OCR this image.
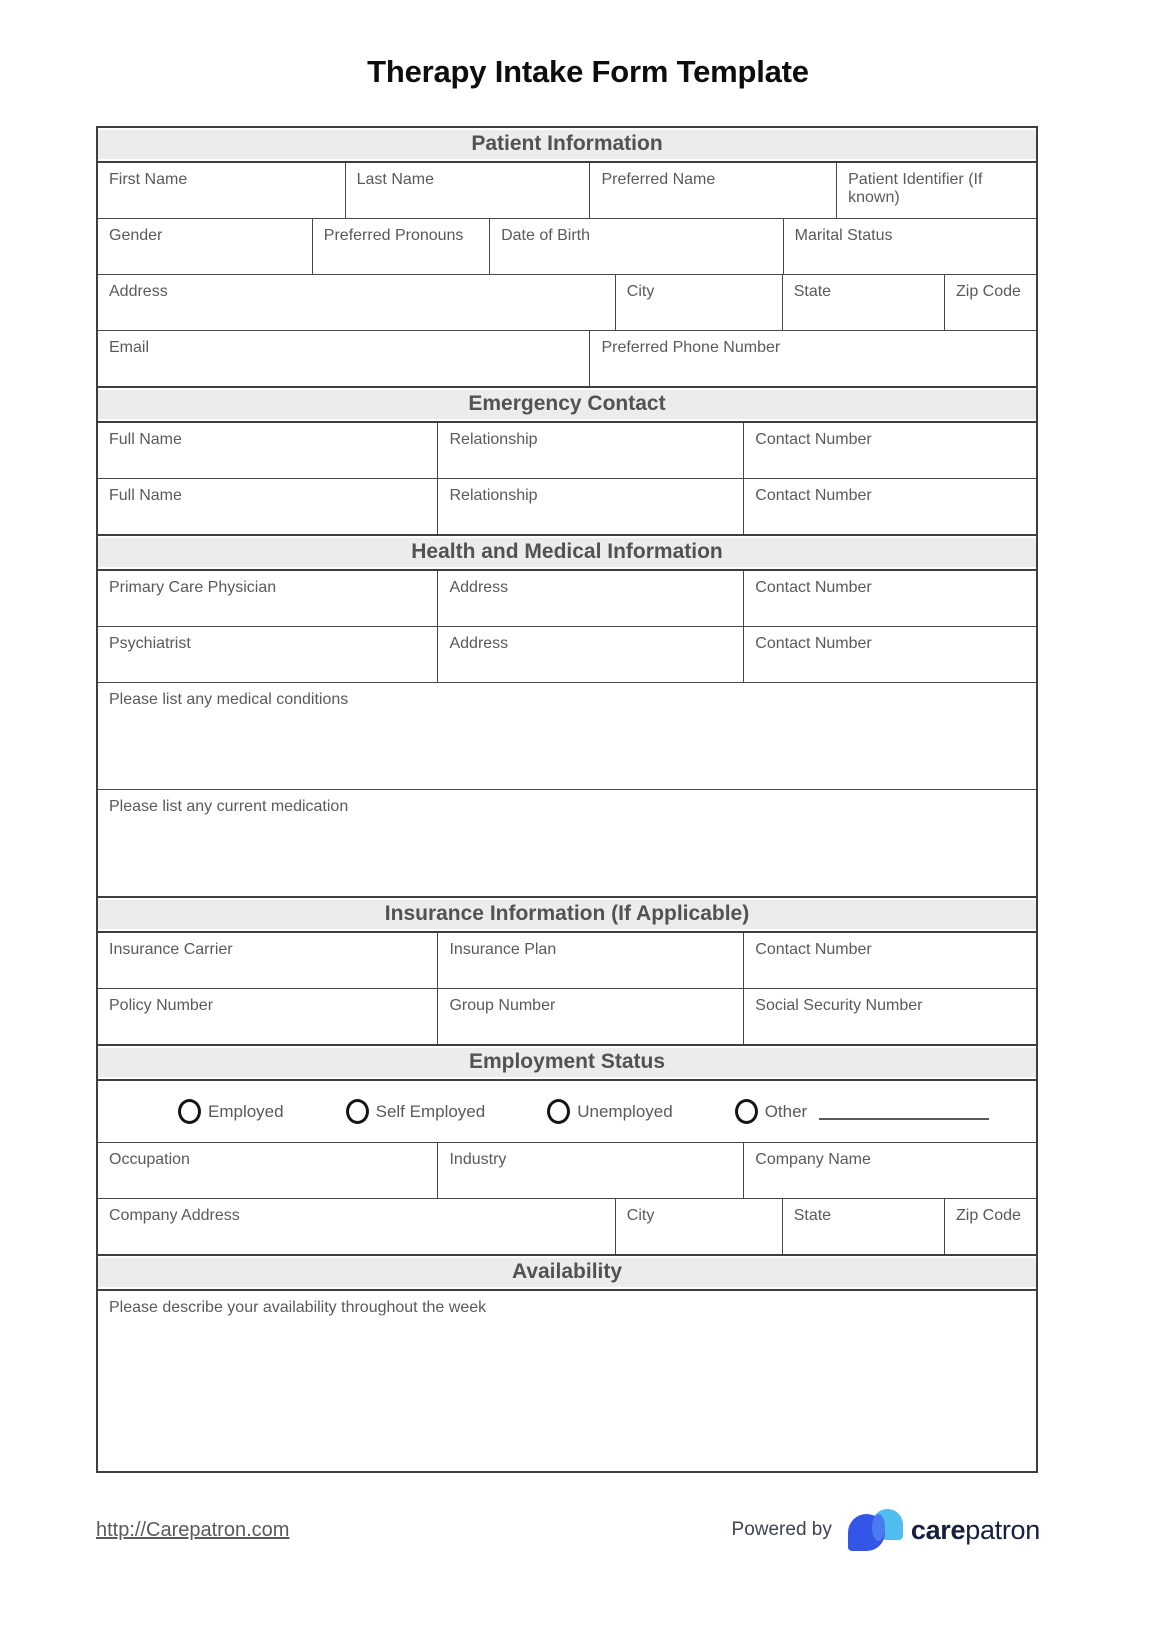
Therapy Intake Form Template
Patient Information
First Name	Last Name	Preferred Name	Patient Identifier (If known)
Gender	Preferred Pronouns	Date of Birth	Marital Status
Address	City	State	Zip Code
Email	Preferred Phone Number
Emergency Contact
Full Name	Relationship	Contact Number
Full Name	Relationship	Contact Number
Health and Medical Information
Primary Care Physician	Address	Contact Number
Psychiatrist	Address	Contact Number
Please list any medical conditions
Please list any current medication
Insurance Information (If Applicable)
Insurance Carrier	Insurance Plan	Contact Number
Policy Number	Group Number	Social Security Number
Employment Status
Employed	Self Employed	Unemployed	Other
Occupation	Industry	Company Name
Company Address	City	State	Zip Code
Availability
Please describe your availability throughout the week
http://Carepatron.com	Powered by	carepatron
